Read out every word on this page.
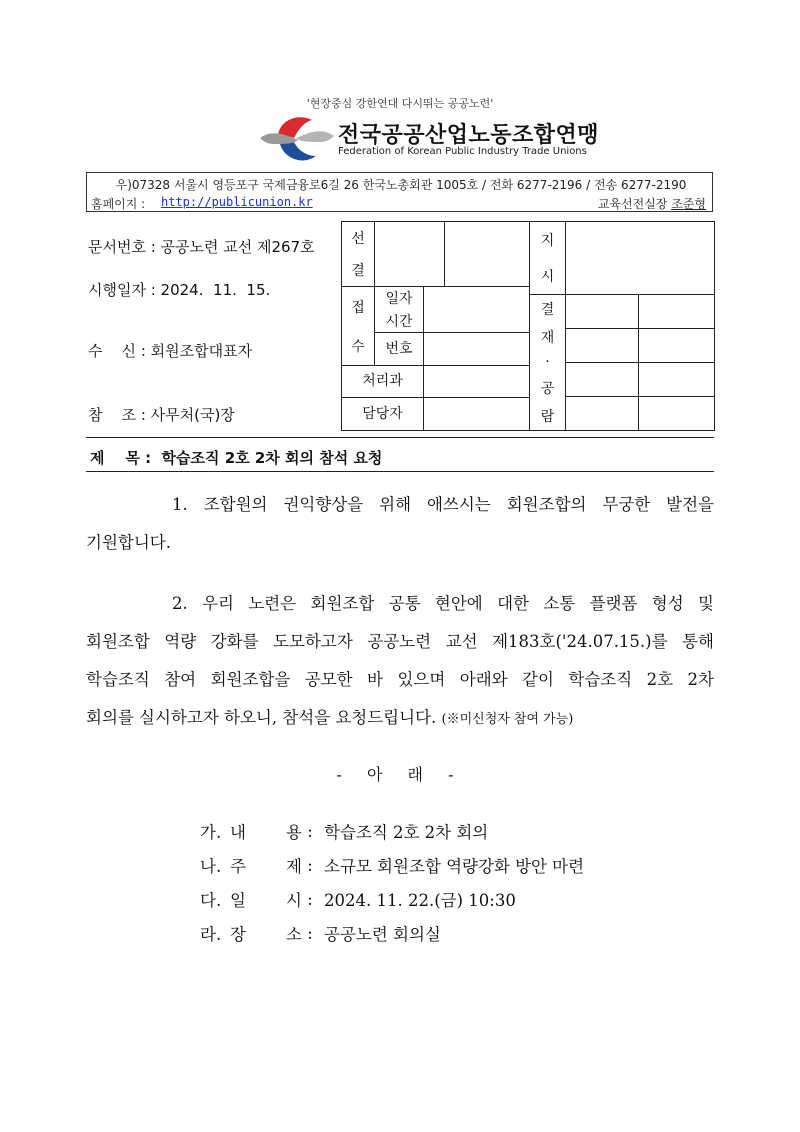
'현장중심 강한연대 다시뛰는 공공노련'
전국공공산업노동조합연맹
Federation of Korean Public Industry Trade Unions
우)07328 서울시 영등포구 국제금융로6길 26 한국노총회관 1005호 / 전화 6277-2196 / 전송 6277-2190
홈페이지 : http://publicunion.kr	교육선전실장 조준형
문서번호 : 공공노련 교선 제267호
시행일자 : 2024.  11.  15.
수    신 : 회원조합대표자
참    조 : 사무처(국)장
선
결
접
수
일자
시간
번호
처리과
담당자
지
시
결
재
·
공
람
제    목 :  학습조직 2호 2차 회의 참석 요청
1. 조합원의 권익향상을 위해 애쓰시는 회원조합의 무궁한 발전을
기원합니다.
2. 우리 노련은 회원조합 공통 현안에 대한 소통 플랫폼 형성 및
회원조합 역량 강화를 도모하고자 공공노련 교선 제183호('24.07.15.)를 통해
학습조직 참여 회원조합을 공모한 바 있으며 아래와 같이 학습조직 2호 2차
회의를 실시하고자 하오니, 참석을 요청드립니다. (※미신청자 참여 가능)
- 아 래 -
가. 내 용 : 학습조직 2호 2차 회의
나. 주 제 : 소규모 회원조합 역량강화 방안 마련
다. 일 시 : 2024. 11. 22.(금) 10:30
라. 장 소 : 공공노련 회의실
